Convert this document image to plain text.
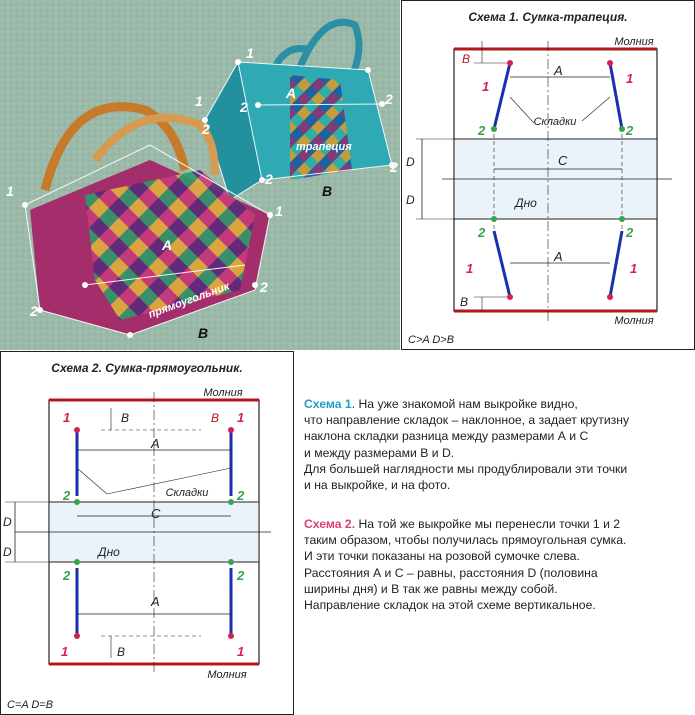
A
B
трапеция
A
B
прямоугольник
1
2
1
2
2
1
1
2
2
2
2
Схема 1. Сумка-трапеция.
Молния
Молния
C
Дно
D
D
A
A
B
B
Складки
1
1
1	1
2	2
2	2
C>A D>B
Схема 2. Сумка-прямоугольник.
Молния
Молния
C
Дно
D
D
A
A
B	B
B
Складки
1	1
1	1
2	2
2	2
C=A D=B

Схема 1. На уже знакомой нам выкройке видно,

что направление складок – наклонное, а задает крутизну

наклона складки разница между размерами А и С

и между размерами B и D.

Для большей наглядности мы продублировали эти точки

и на выкройке, и на фото.

Схема 2. На той же выкройке мы перенесли точки 1 и 2

таким образом, чтобы получилась прямоугольная сумка.

И эти точки показаны на розовой сумочке слева.

Расстояния А и С – равны, расстояния D (половина

ширины дня) и B так же равны между собой.

Направление складок на этой схеме вертикальное.
